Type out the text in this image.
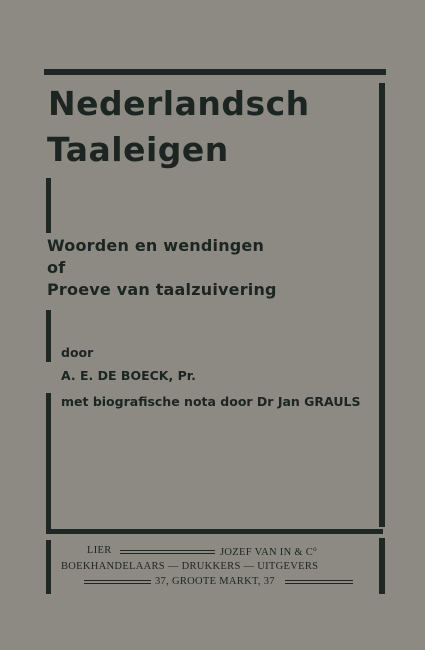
Nederlandsch
Taaleigen
Woorden en wendingen
of
Proeve van taalzuivering
door
A. E. DE BOECK, Pr.
met biografische nota door Dr Jan GRAULS
LIER	JOZEF VAN IN & $C^o$
BOEKHANDELAARS — DRUKKERS — UITGEVERS
37, GROOTE MARKT, 37
